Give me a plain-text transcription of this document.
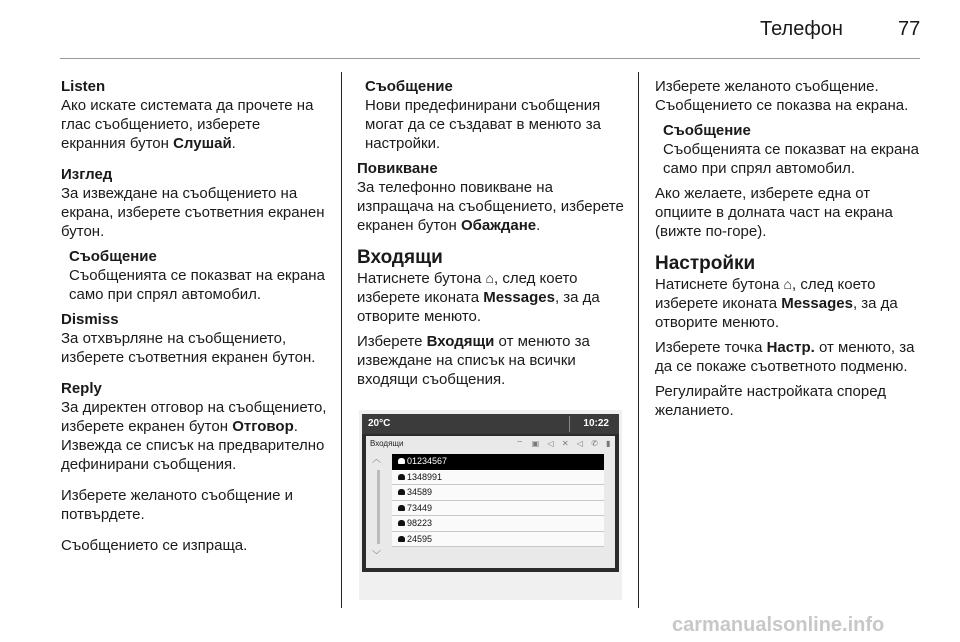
Телефон	77
Listen
Ако искате системата да прочете на глас съобщението, изберете екранния бутон Слушай.
Изглед
За извеждане на съобщението на екрана, изберете съответния екранен бутон.
Съобщение
Съобщенията се показват на екрана само при спрял автомобил.
Dismiss
За отхвърляне на съобщението, изберете съответния екранен бутон.
Reply
За директен отговор на съобщението, изберете екранен бутон Отговор. Извежда се списък на предварително дефинирани съобщения.
Изберете желаното съобщение и потвърдете.
Съобщението се изпраща.
Съобщение
Нови предефинирани съобщения могат да се създават в менюто за настройки.
Повикване
За телефонно повикване на изпращача на съобщението, изберете екранен бутон Обаждане.
Входящи
Натиснете бутона ⌂, след което изберете иконата Messages, за да отворите менюто.
Изберете Входящи от менюто за извеждане на списък на всички входящи съобщения.
20°C	10:22
Входящи	⌔ ▣ ◁ ✕ ◁ ✆ ▮
︿
﹀
01234567
1348991
34589
73449
98223
24595
Изберете желаното съобщение. Съобщението се показва на екрана.
Съобщение
Съобщенията се показват на екрана само при спрял автомобил.
Ако желаете, изберете една от опциите в долната част на екрана (вижте по-горе).
Настройки
Натиснете бутона ⌂, след което изберете иконата Messages, за да отворите менюто.
Изберете точка Настр. от менюто, за да се покаже съответното подменю.
Регулирайте настройката според желанието.
carmanualsonline.info
